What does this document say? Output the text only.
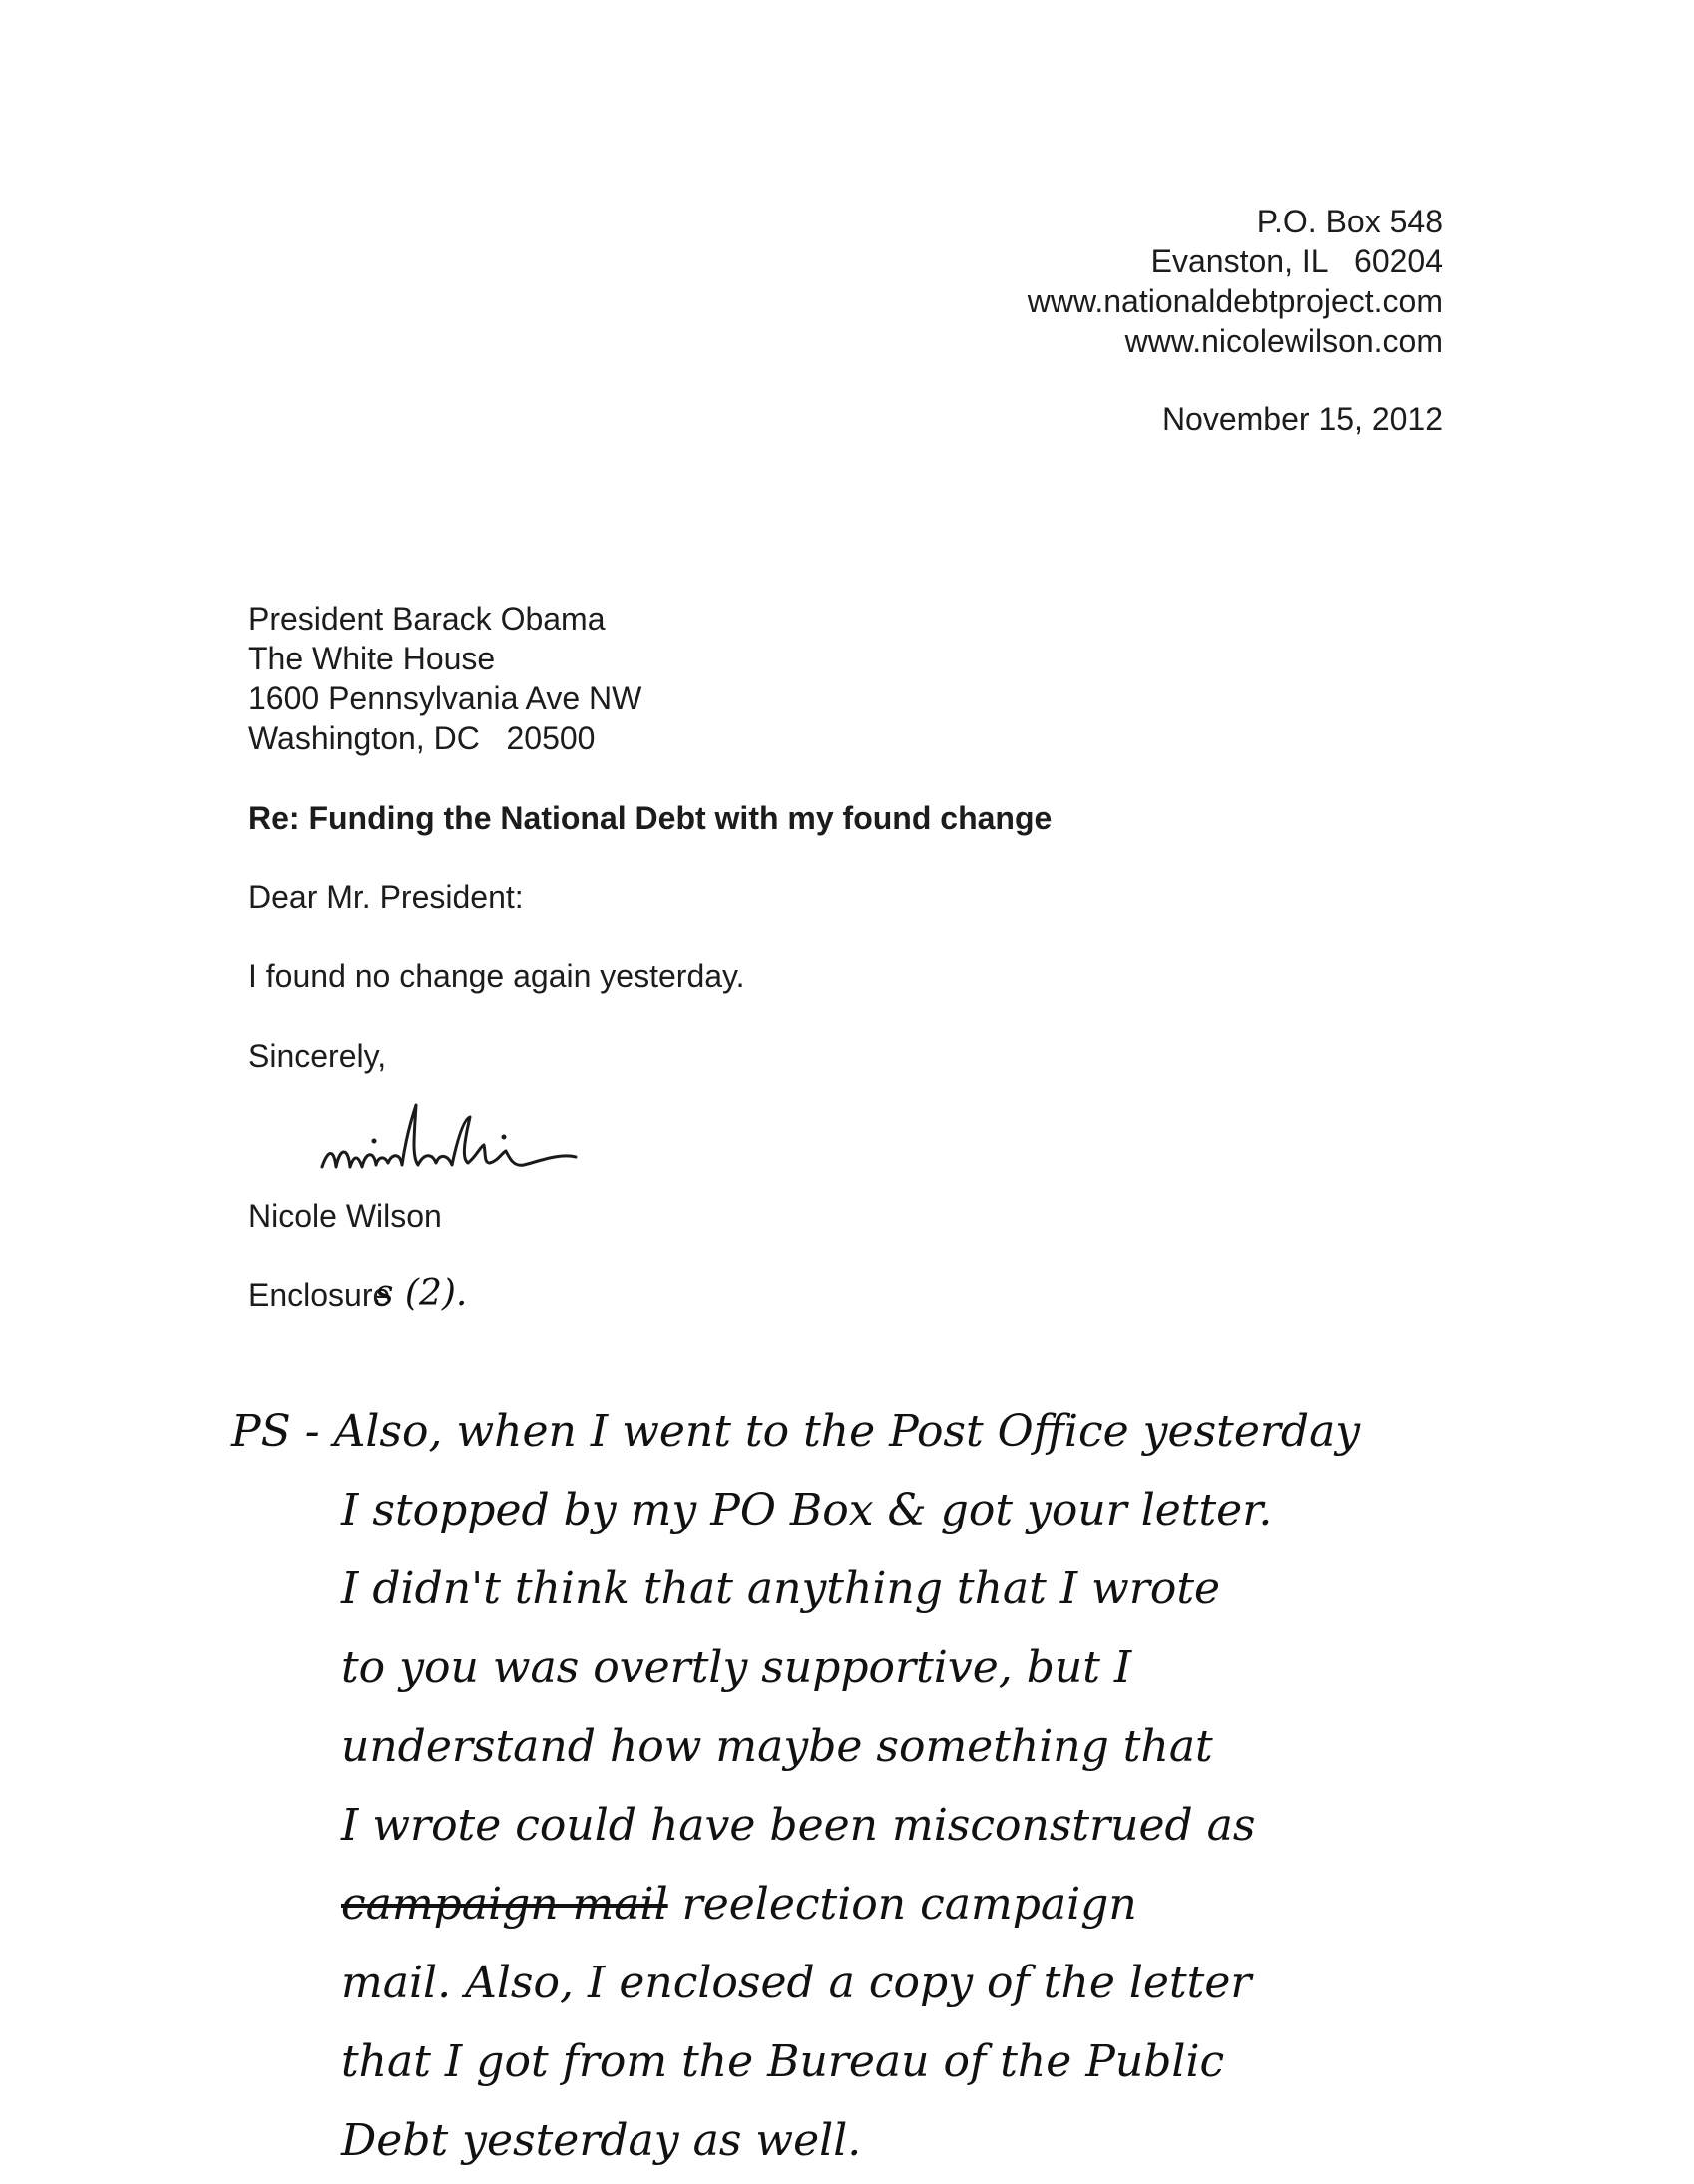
P.O. Box 548
Evanston, IL   60204
www.nationaldebtproject.com
www.nicolewilson.com
November 15, 2012
President Barack Obama
The White House
1600 Pennsylvania Ave NW
Washington, DC   20500
Re: Funding the National Debt with my found change
Dear Mr. President:
I found no change again yesterday.
Sincerely,
Nicole Wilson
Enclosure
s (2).
PS - Also, when I went to the Post Office yesterday
I stopped by my PO Box & got your letter.
I didn't think that anything that I wrote
to you was overtly supportive, but I
understand how maybe something that
I wrote could have been misconstrued as
campaign mail reelection campaign
mail. Also, I enclosed a copy of the letter
that I got from the Bureau of the Public
Debt yesterday as well.
